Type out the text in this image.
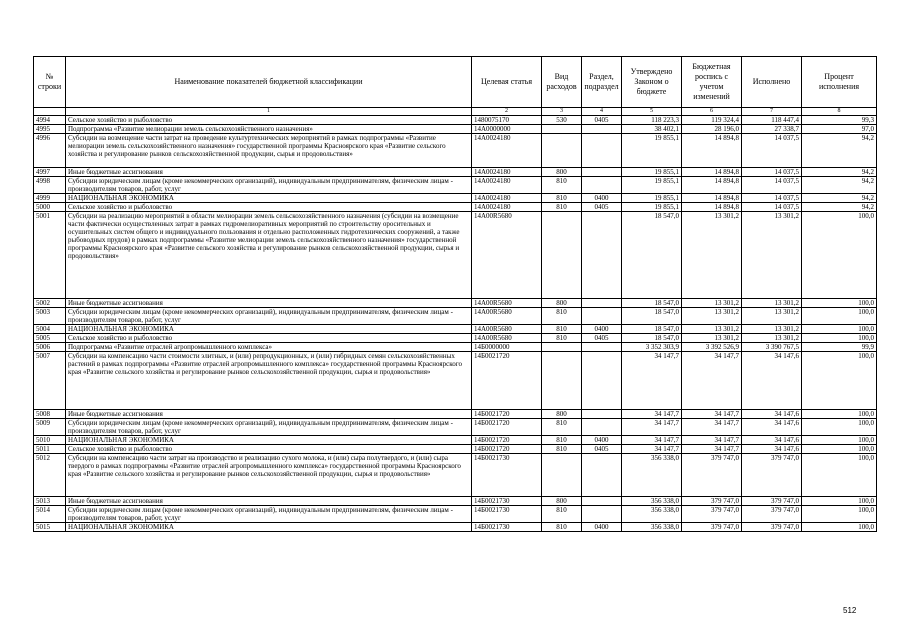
№ строки	Наименование показателей бюджетной классификации	Целевая статья	Вид расходов	Раздел, подраздел	Утверждено Законом о бюджете	Бюджетная роспись с учетом изменений	Исполнено	Процент исполнения
	1	2	3	4	5	6	7	8
4994	Сельское хозяйство и рыболовство	1480075170	530	0405	118 223,3	119 324,4	118 447,4	99,3
4995	Подпрограмма «Развитие мелиорации земель сельскохозяйственного назначения»	14А0000000			38 402,1	28 196,0	27 338,7	97,0
4996	Субсидии на возмещение части затрат на проведение культуртехнических мероприятий в рамках подпрограммы «Развитие мелиорации земель сельскохозяйственного назначения» государственной программы Красноярского края «Развитие сельского хозяйства и регулирование рынков сельскохозяйственной продукции, сырья и продовольствия»	14А0024180			19 855,1	14 894,8	14 037,5	94,2
4997	Иные бюджетные ассигнования	14А0024180	800		19 855,1	14 894,8	14 037,5	94,2
4998	Субсидии юридическим лицам (кроме некоммерческих организаций), индивидуальным предпринимателям, физическим лицам - производителям товаров, работ, услуг	14А0024180	810		19 855,1	14 894,8	14 037,5	94,2
4999	НАЦИОНАЛЬНАЯ ЭКОНОМИКА	14А0024180	810	0400	19 855,1	14 894,8	14 037,5	94,2
5000	Сельское хозяйство и рыболовство	14А0024180	810	0405	19 855,1	14 894,8	14 037,5	94,2
5001	Субсидии на реализацию мероприятий в области мелиорации земель сельскохозяйственного назначения (субсидии на возмещение части фактически осуществленных затрат в рамках гидромелиоративных мероприятий по строительству оросительных и осушительных систем общего и индивидуального пользования и отдельно расположенных гидротехнических сооружений, а также рыбоводных прудов) в рамках подпрограммы «Развитие мелиорации земель сельскохозяйственного назначения» государственной программы Красноярского края «Развитие сельского хозяйства и регулирование рынков сельскохозяйственной продукции, сырья и продовольствия»	14А00R5680			18 547,0	13 301,2	13 301,2	100,0
5002	Иные бюджетные ассигнования	14А00R5680	800		18 547,0	13 301,2	13 301,2	100,0
5003	Субсидии юридическим лицам (кроме некоммерческих организаций), индивидуальным предпринимателям, физическим лицам - производителям товаров, работ, услуг	14А00R5680	810		18 547,0	13 301,2	13 301,2	100,0
5004	НАЦИОНАЛЬНАЯ ЭКОНОМИКА	14А00R5680	810	0400	18 547,0	13 301,2	13 301,2	100,0
5005	Сельское хозяйство и рыболовство	14А00R5680	810	0405	18 547,0	13 301,2	13 301,2	100,0
5006	Подпрограмма «Развитие отраслей агропромышленного комплекса»	14Б0000000			3 352 303,9	3 392 526,9	3 390 767,5	99,9
5007	Субсидии на компенсацию части стоимости элитных, и (или) репродукционных, и (или) гибридных семян сельскохозяйственных растений в рамках подпрограммы «Развитие отраслей агропромышленного комплекса» государственной программы Красноярского края «Развитие сельского хозяйства и регулирование рынков сельскохозяйственной продукции, сырья и продовольствия»	14Б0021720			34 147,7	34 147,7	34 147,6	100,0
5008	Иные бюджетные ассигнования	14Б0021720	800		34 147,7	34 147,7	34 147,6	100,0
5009	Субсидии юридическим лицам (кроме некоммерческих организаций), индивидуальным предпринимателям, физическим лицам - производителям товаров, работ, услуг	14Б0021720	810		34 147,7	34 147,7	34 147,6	100,0
5010	НАЦИОНАЛЬНАЯ ЭКОНОМИКА	14Б0021720	810	0400	34 147,7	34 147,7	34 147,6	100,0
5011	Сельское хозяйство и рыболовство	14Б0021720	810	0405	34 147,7	34 147,7	34 147,6	100,0
5012	Субсидии на компенсацию части затрат на производство и реализацию сухого молока, и (или) сыра полутвердого, и (или) сыра твердого в рамках подпрограммы «Развитие отраслей агропромышленного комплекса» государственной программы Красноярского края «Развитие сельского хозяйства и регулирование рынков сельскохозяйственной продукции, сырья и продовольствия»	14Б0021730			356 338,0	379 747,0	379 747,0	100,0
5013	Иные бюджетные ассигнования	14Б0021730	800		356 338,0	379 747,0	379 747,0	100,0
5014	Субсидии юридическим лицам (кроме некоммерческих организаций), индивидуальным предпринимателям, физическим лицам - производителям товаров, работ, услуг	14Б0021730	810		356 338,0	379 747,0	379 747,0	100,0
5015	НАЦИОНАЛЬНАЯ ЭКОНОМИКА	14Б0021730	810	0400	356 338,0	379 747,0	379 747,0	100,0
512
